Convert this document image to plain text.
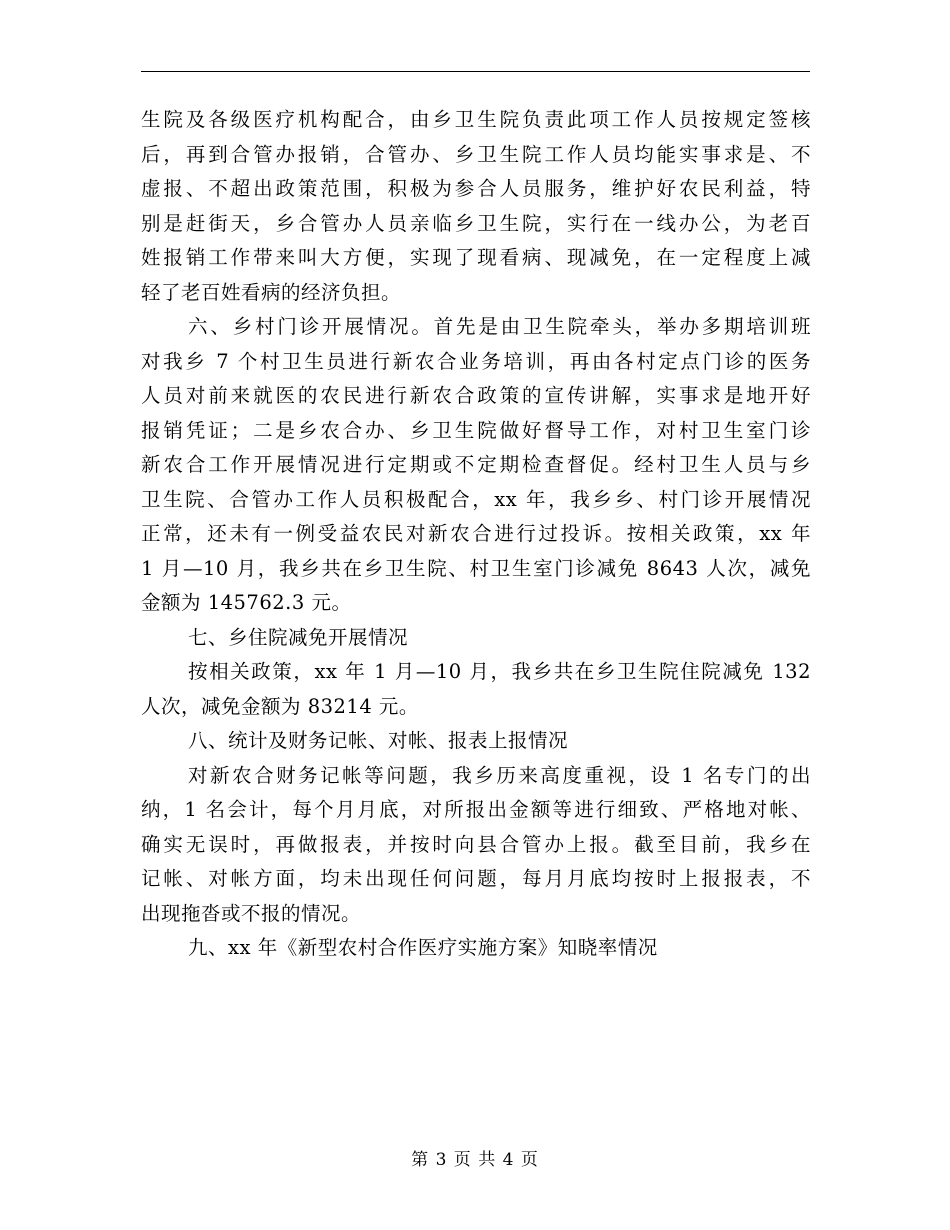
生院及各级医疗机构配合，由乡卫生院负责此项工作人员按规定签核
后，再到合管办报销，合管办、乡卫生院工作人员均能实事求是、不
虚报、不超出政策范围，积极为参合人员服务，维护好农民利益，特
别是赶街天，乡合管办人员亲临乡卫生院，实行在一线办公，为老百
姓报销工作带来叫大方便，实现了现看病、现减免，在一定程度上减
轻了老百姓看病的经济负担。
六、乡村门诊开展情况。首先是由卫生院牵头，举办多期培训班
对我乡 7 个村卫生员进行新农合业务培训，再由各村定点门诊的医务
人员对前来就医的农民进行新农合政策的宣传讲解，实事求是地开好
报销凭证；二是乡农合办、乡卫生院做好督导工作，对村卫生室门诊
新农合工作开展情况进行定期或不定期检查督促。经村卫生人员与乡
卫生院、合管办工作人员积极配合，xx 年，我乡乡、村门诊开展情况
正常，还未有一例受益农民对新农合进行过投诉。按相关政策，xx 年
1 月—10 月，我乡共在乡卫生院、村卫生室门诊减免 8643 人次，减免
金额为 145762.3 元。
七、乡住院减免开展情况
按相关政策，xx 年 1 月—10 月，我乡共在乡卫生院住院减免 132
人次，减免金额为 83214 元。
八、统计及财务记帐、对帐、报表上报情况
对新农合财务记帐等问题，我乡历来高度重视，设 1 名专门的出
纳，1 名会计，每个月月底，对所报出金额等进行细致、严格地对帐、
确实无误时，再做报表，并按时向县合管办上报。截至目前，我乡在
记帐、对帐方面，均未出现任何问题，每月月底均按时上报报表，不
出现拖沓或不报的情况。
九、xx 年《新型农村合作医疗实施方案》知晓率情况
第 3 页 共 4 页
